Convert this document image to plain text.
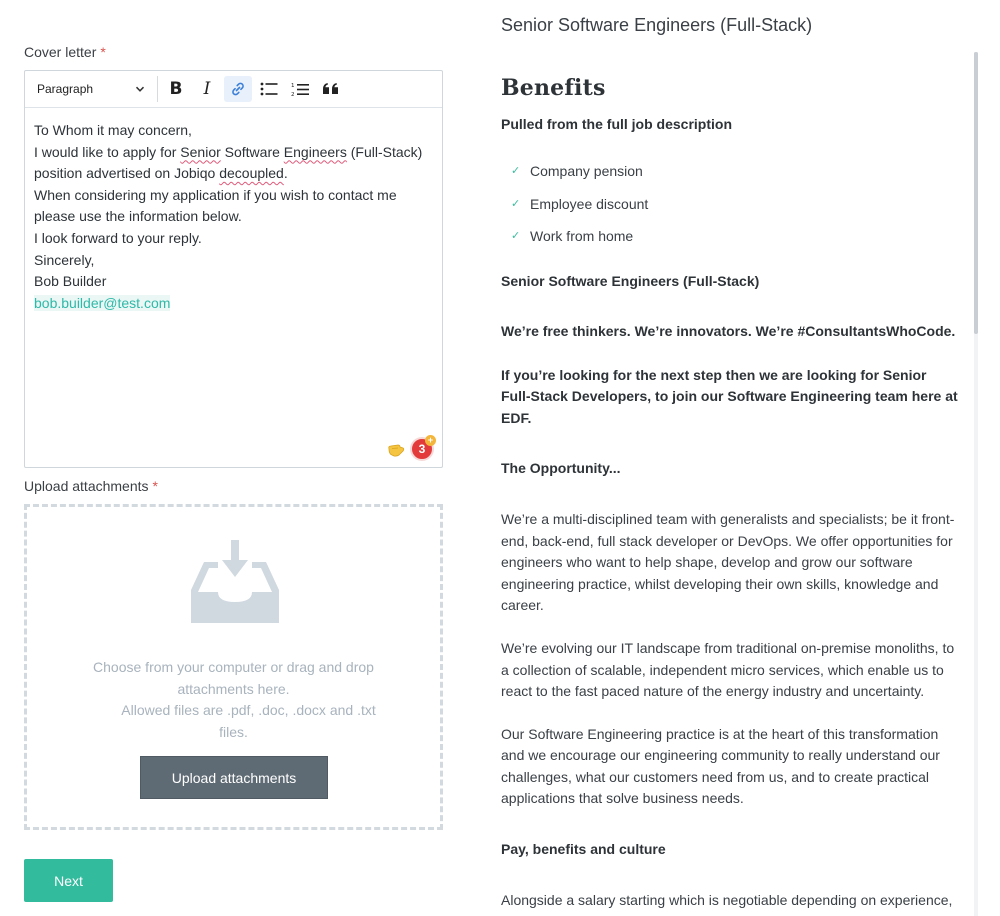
Cover letter *
Paragraph	B I	1
2
To Whom it may concern,
I would like to apply for Senior Software Engineers (Full-Stack)
position advertised on Jobiqo decoupled.
When considering my application if you wish to contact me
please use the information below.
I look forward to your reply.
Sincerely,
Bob Builder
bob.builder@test.com
3
+
Upload attachments *
Choose from your computer or drag and drop
attachments here.
Allowed files are .pdf, .doc, .docx and .txt
files.
Upload attachments
Next
Senior Software Engineers (Full-Stack)
Benefits
Pulled from the full job description
✓ Company pension
✓ Employee discount
✓ Work from home
Senior Software Engineers (Full-Stack)
We’re free thinkers. We’re innovators. We’re #ConsultantsWhoCode.
If you’re looking for the next step then we are looking for Senior
Full-Stack Developers, to join our Software Engineering team here at
EDF.
The Opportunity...
We’re a multi-disciplined team with generalists and specialists; be it front-
end, back-end, full stack developer or DevOps. We offer opportunities for
engineers who want to help shape, develop and grow our software
engineering practice, whilst developing their own skills, knowledge and
career.
We’re evolving our IT landscape from traditional on-premise monoliths, to
a collection of scalable, independent micro services, which enable us to
react to the fast paced nature of the energy industry and uncertainty.
Our Software Engineering practice is at the heart of this transformation
and we encourage our engineering community to really understand our
challenges, what our customers need from us, and to create practical
applications that solve business needs.
Pay, benefits and culture
Alongside a salary starting which is negotiable depending on experience,
